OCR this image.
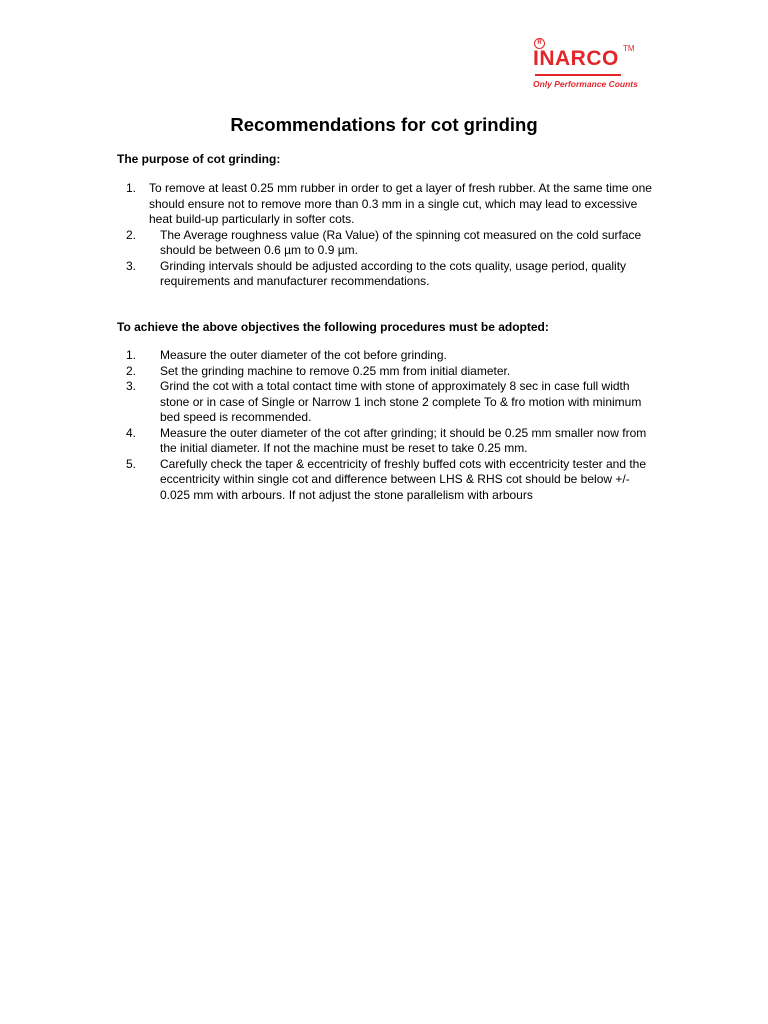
R
INARCO TM
Only Performance Counts
Recommendations for cot grinding

The purpose of cot grinding:

1. To remove at least 0.25 mm rubber in order to get a layer of fresh rubber. At the same time one should ensure not to remove more than 0.3 mm in a single cut, which may lead to excessive heat build-up particularly in softer cots.
2. The Average roughness value (Ra Value) of the spinning cot measured on the cold surface should be between 0.6 µm to 0.9 µm.
3. Grinding intervals should be adjusted according to the cots quality, usage period, quality requirements and manufacturer recommendations.

To achieve the above objectives the following procedures must be adopted:

1. Measure the outer diameter of the cot before grinding.
2. Set the grinding machine to remove 0.25 mm from initial diameter.
3. Grind the cot with a total contact time with stone of approximately 8 sec in case full width stone or in case of Single or Narrow 1 inch stone 2 complete To & fro motion with minimum bed speed is recommended.
4. Measure the outer diameter of the cot after grinding; it should be 0.25 mm smaller now from the initial diameter. If not the machine must be reset to take 0.25 mm.
5. Carefully check the taper & eccentricity of freshly buffed cots with eccentricity tester and the eccentricity within single cot and difference between LHS & RHS cot should be below +/- 0.025 mm with arbours. If not adjust the stone parallelism with arbours
